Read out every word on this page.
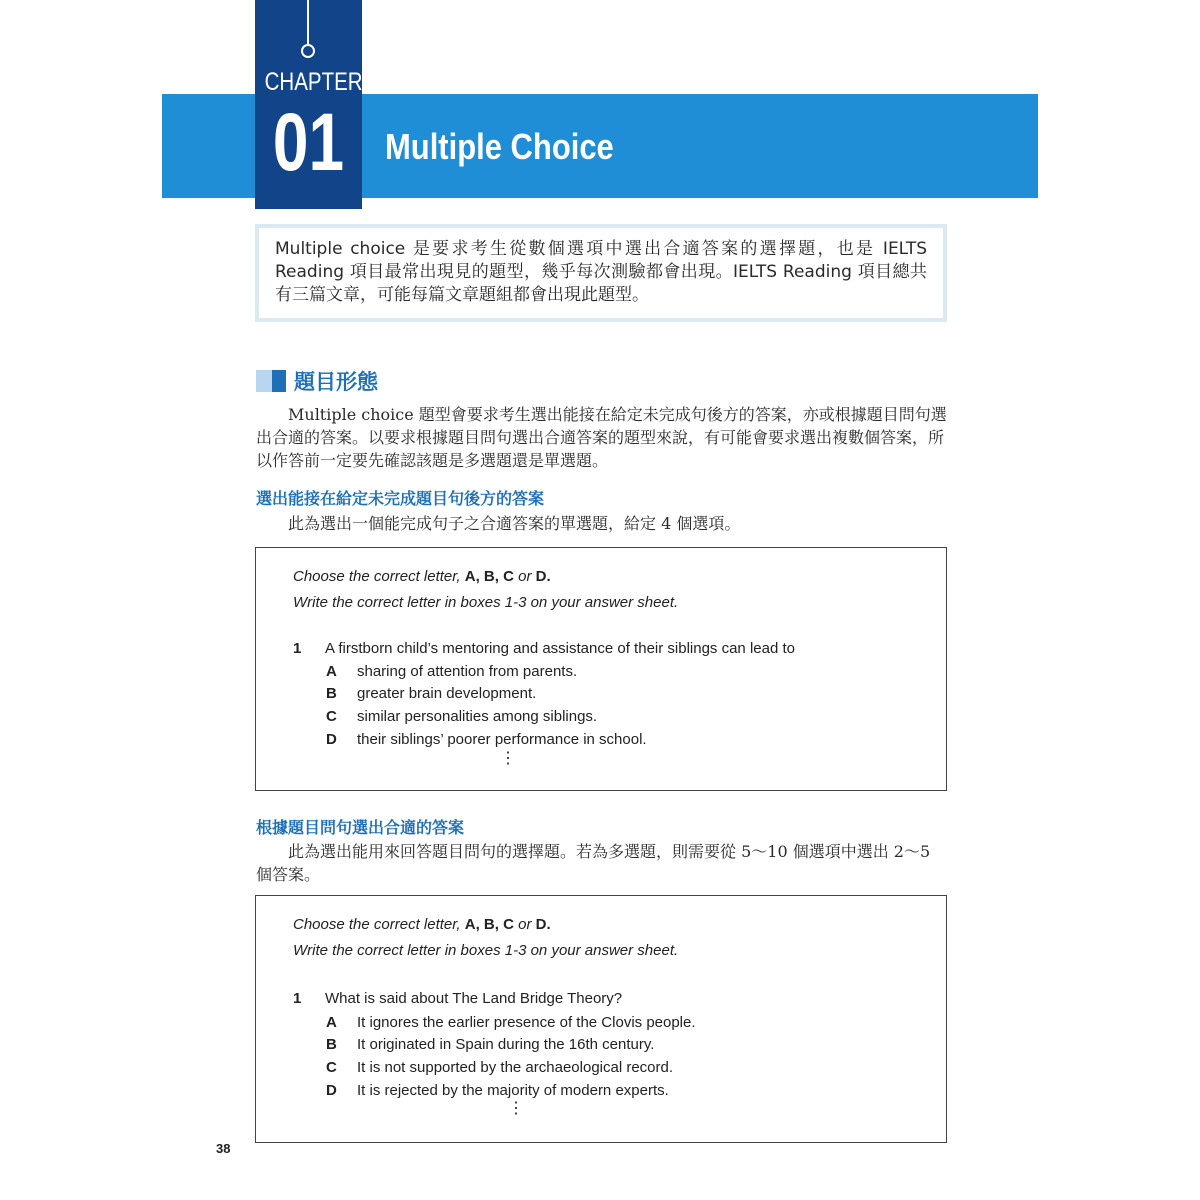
CHAPTER
01 Multiple Choice
Multiple choice 是要求考生從數個選項中選出合適答案的選擇題，也是 IELTS Reading 項目最常出現見的題型，幾乎每次測驗都會出現。IELTS Reading 項目總共有三篇文章，可能每篇文章題組都會出現此題型。
題目形態
Multiple choice 題型會要求考生選出能接在給定未完成句後方的答案，亦或根據題目問句選出合適的答案。以要求根據題目問句選出合適答案的題型來說，有可能會要求選出複數個答案，所以作答前一定要先確認該題是多選題還是單選題。
選出能接在給定未完成題目句後方的答案
此為選出一個能完成句子之合適答案的單選題，給定 4 個選項。
Choose the correct letter, A, B, C or D.
Write the correct letter in boxes 1-3 on your answer sheet.
1 A firstborn child’s mentoring and assistance of their siblings can lead to
A sharing of attention from parents.
B greater brain development.
C similar personalities among siblings.
D their siblings’ poorer performance in school.
⋮
根據題目問句選出合適的答案
此為選出能用來回答題目問句的選擇題。若為多選題，則需要從 5～10 個選項中選出 2～5 個答案。
Choose the correct letter, A, B, C or D.
Write the correct letter in boxes 1-3 on your answer sheet.
1 What is said about The Land Bridge Theory?
A It ignores the earlier presence of the Clovis people.
B It originated in Spain during the 16th century.
C It is not supported by the archaeological record.
D It is rejected by the majority of modern experts.
⋮
38
